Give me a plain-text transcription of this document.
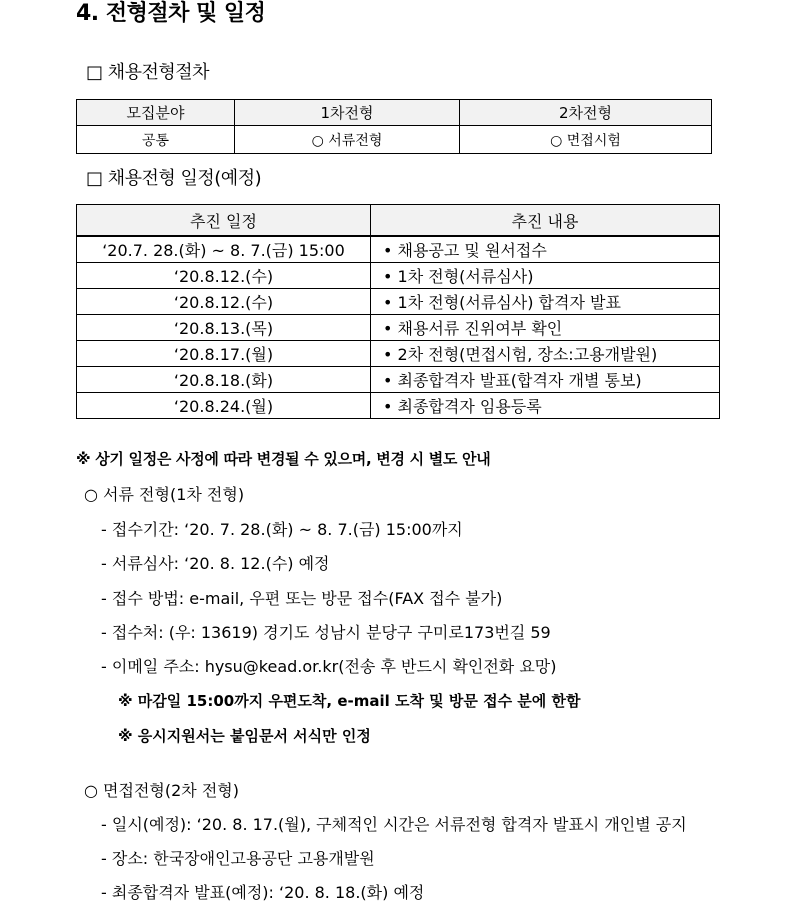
4. 전형절차 및 일정
□ 채용전형절차
모집분야	1차전형	2차전형
공통	○ 서류전형	○ 면접시험
□ 채용전형 일정(예정)
추진 일정	추진 내용
‘20.7. 28.(화) ~ 8. 7.(금) 15:00	• 채용공고 및 원서접수
‘20.8.12.(수)	• 1차 전형(서류심사)
‘20.8.12.(수)	• 1차 전형(서류심사) 합격자 발표
‘20.8.13.(목)	• 채용서류 진위여부 확인
‘20.8.17.(월)	• 2차 전형(면접시험, 장소:고용개발원)
‘20.8.18.(화)	• 최종합격자 발표(합격자 개별 통보)
‘20.8.24.(월)	• 최종합격자 임용등록
※ 상기 일정은 사정에 따라 변경될 수 있으며, 변경 시 별도 안내
○ 서류 전형(1차 전형)
- 접수기간: ‘20. 7. 28.(화) ~ 8. 7.(금) 15:00까지
- 서류심사: ‘20. 8. 12.(수) 예정
- 접수 방법: e-mail, 우편 또는 방문 접수(FAX 접수 불가)
- 접수처: (우: 13619) 경기도 성남시 분당구 구미로173번길 59
- 이메일 주소: hysu@kead.or.kr(전송 후 반드시 확인전화 요망)
※ 마감일 15:00까지 우편도착, e-mail 도착 및 방문 접수 분에 한함
※ 응시지원서는 붙임문서 서식만 인정
○ 면접전형(2차 전형)
- 일시(예정): ‘20. 8. 17.(월), 구체적인 시간은 서류전형 합격자 발표시 개인별 공지
- 장소: 한국장애인고용공단 고용개발원
- 최종합격자 발표(예정): ‘20. 8. 18.(화) 예정
